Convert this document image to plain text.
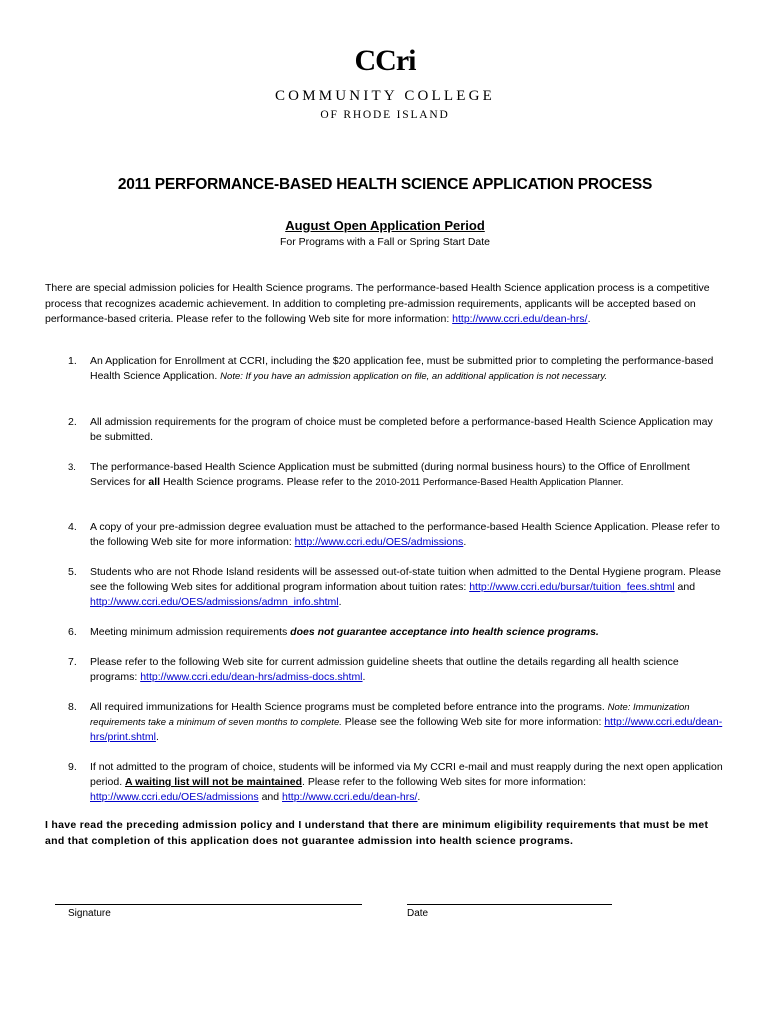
CCri
COMMUNITY COLLEGE
OF RHODE ISLAND
2011 PERFORMANCE-BASED HEALTH SCIENCE APPLICATION PROCESS
August Open Application Period
For Programs with a Fall or Spring Start Date
There are special admission policies for Health Science programs. The performance-based Health Science application process is a competitive process that recognizes academic achievement. In addition to completing pre-admission requirements, applicants will be accepted based on performance-based criteria. Please refer to the following Web site for more information: http://www.ccri.edu/dean-hrs/.
1. An Application for Enrollment at CCRI, including the $20 application fee, must be submitted prior to completing the performance-based Health Science Application. Note: If you have an admission application on file, an additional application is not necessary.
2. All admission requirements for the program of choice must be completed before a performance-based Health Science Application may be submitted.
3. The performance-based Health Science Application must be submitted (during normal business hours) to the Office of Enrollment Services for all Health Science programs. Please refer to the 2010-2011 Performance-Based Health Application Planner.
4. A copy of your pre-admission degree evaluation must be attached to the performance-based Health Science Application. Please refer to the following Web site for more information: http://www.ccri.edu/OES/admissions.
5. Students who are not Rhode Island residents will be assessed out-of-state tuition when admitted to the Dental Hygiene program. Please see the following Web sites for additional program information about tuition rates: http://www.ccri.edu/bursar/tuition_fees.shtml and http://www.ccri.edu/OES/admissions/admn_info.shtml.
6. Meeting minimum admission requirements does not guarantee acceptance into health science programs.
7. Please refer to the following Web site for current admission guideline sheets that outline the details regarding all health science programs: http://www.ccri.edu/dean-hrs/admiss-docs.shtml.
8. All required immunizations for Health Science programs must be completed before entrance into the programs. Note: Immunization requirements take a minimum of seven months to complete. Please see the following Web site for more information: http://www.ccri.edu/dean-hrs/print.shtml.
9. If not admitted to the program of choice, students will be informed via My CCRI e-mail and must reapply during the next open application period. A waiting list will not be maintained. Please refer to the following Web sites for more information: http://www.ccri.edu/OES/admissions and http://www.ccri.edu/dean-hrs/.
I have read the preceding admission policy and I understand that there are minimum eligibility requirements that must be met and that completion of this application does not guarantee admission into health science programs.
Signature	Date
